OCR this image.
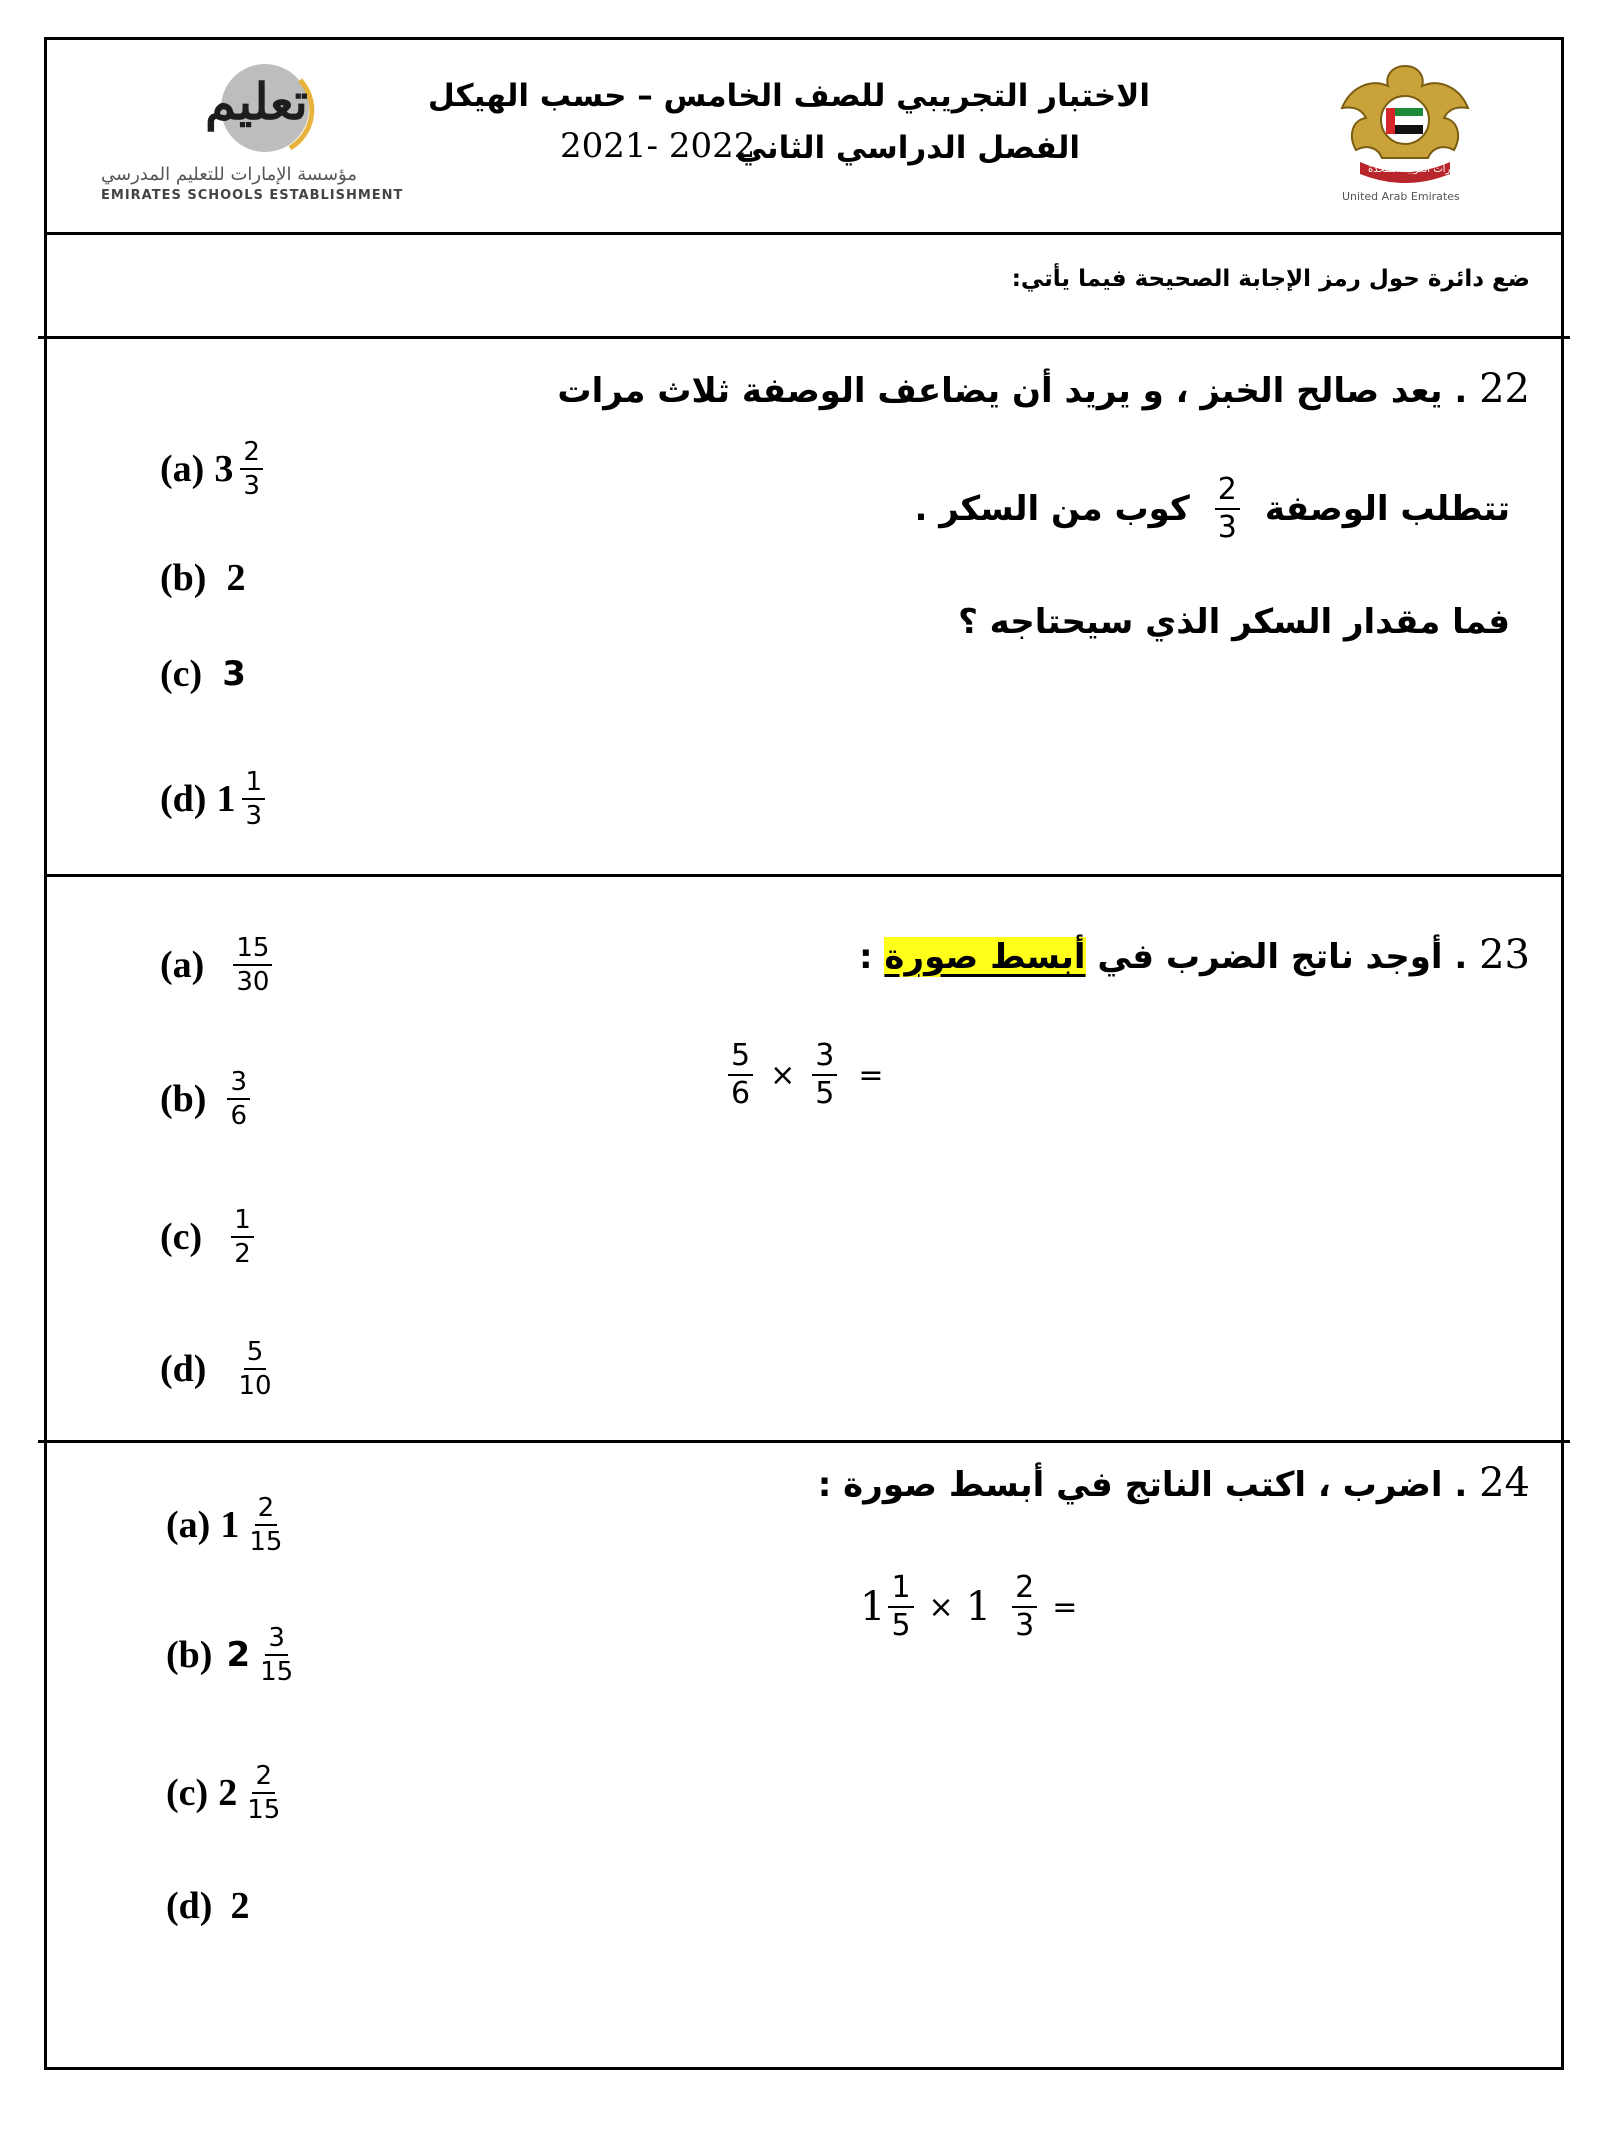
تعليم
مؤسسة الإمارات للتعليم المدرسي
EMIRATES SCHOOLS ESTABLISHMENT
الاختبار التجريبي للصف الخامس – حسب الهيكل
2021- 2022
الفصل الدراسي الثاني
الإمارات العربية المتحدة
United Arab Emirates
ضع دائرة حول رمز الإجابة الصحيحة فيما يأتي:
22 . يعد صالح الخبز ، و يريد أن يضاعف الوصفة ثلاث مرات
تتطلب الوصفة
$\frac{2}{3}$
كوب من السكر .
فما مقدار السكر الذي سيحتاجه ؟
(a) $3 \frac{2}{3}$
(b) 2
(c) 3
(d) $1 \frac{1}{3}$
23 . أوجد ناتج الضرب في أبسط صورة :
$\frac{5}{6} \times \frac{3}{5}$ =
$(a) \frac{15}{30}$
$(b) \frac{3}{6}$
$(c) \frac{1}{2}$
$(d) \frac{5}{10}$
24 . اضرب ، اكتب الناتج في أبسط صورة :
$1 \frac{1}{5} \times 1 \frac{2}{3}$ =
(a) $1 \frac{2}{15}$
(b) $2 \frac{3}{15}$
(c) $2 \frac{2}{15}$
(d) 2
